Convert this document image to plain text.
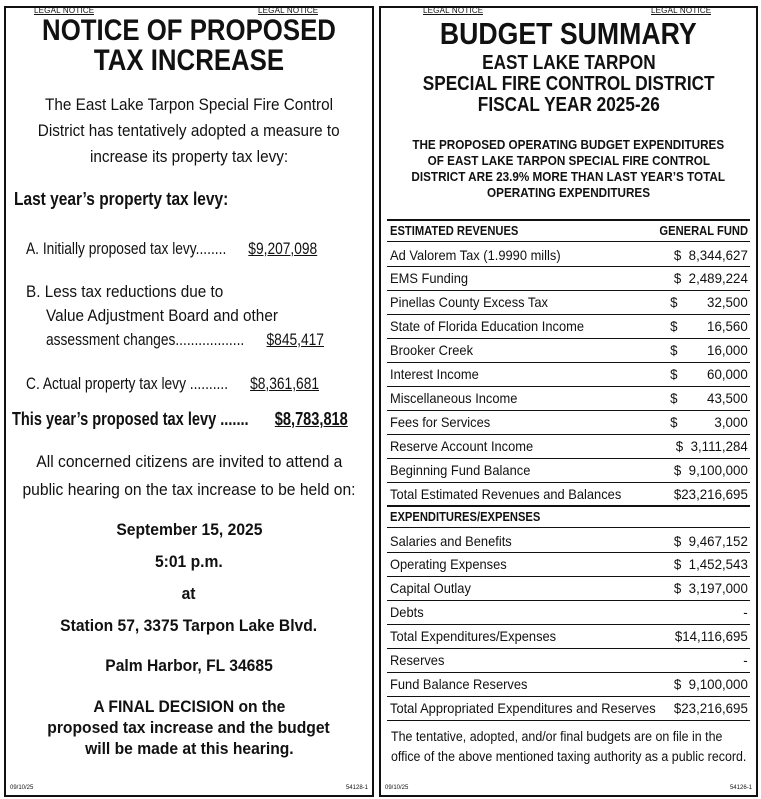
LEGAL NOTICE	LEGAL NOTICE
NOTICE OF PROPOSED
TAX INCREASE
The East Lake Tarpon Special Fire Control
District has tentatively adopted a measure to
increase its property tax levy:
Last year’s property tax levy:
A. Initially proposed tax levy........$9,207,098
B. Less tax reductions due to
Value Adjustment Board and other
assessment changes..................$845,417
C. Actual property tax levy ..........$8,361,681
This year’s proposed tax levy .......$8,783,818
All concerned citizens are invited to attend a
public hearing on the tax increase to be held on:
September 15, 2025
5:01 p.m.
at
Station 57, 3375 Tarpon Lake Blvd.
Palm Harbor, FL 34685
A FINAL DECISION on the
proposed tax increase and the budget
will be made at this hearing.
09/10/25	54128-1
LEGAL NOTICE	LEGAL NOTICE
BUDGET SUMMARY
EAST LAKE TARPON
SPECIAL FIRE CONTROL DISTRICT
FISCAL YEAR 2025-26
THE PROPOSED OPERATING BUDGET EXPENDITURES
OF EAST LAKE TARPON SPECIAL FIRE CONTROL
DISTRICT ARE 23.9% MORE THAN LAST YEAR’S TOTAL
OPERATING EXPENDITURES
ESTIMATED REVENUES	GENERAL FUND
Ad Valorem Tax (1.9990 mills)	$  8,344,627
EMS Funding	$  2,489,224
Pinellas County Excess Tax	$        32,500
State of Florida Education Income	$        16,560
Brooker Creek	$        16,000
Interest Income	$        60,000
Miscellaneous Income	$        43,500
Fees for Services	$          3,000
Reserve Account Income	$  3,111,284
Beginning Fund Balance	$  9,100,000
Total Estimated Revenues and Balances	$23,216,695
EXPENDITURES/EXPENSES
Salaries and Benefits	$  9,467,152
Operating Expenses	$  1,452,543
Capital Outlay	$  3,197,000
Debts	-
Total Expenditures/Expenses	$14,116,695
Reserves	-
Fund Balance Reserves	$  9,100,000
Total Appropriated Expenditures and Reserves $23,216,695
The tentative, adopted, and/or final budgets are on file in the
office of the above mentioned taxing authority as a public record.
09/10/25	54126-1
